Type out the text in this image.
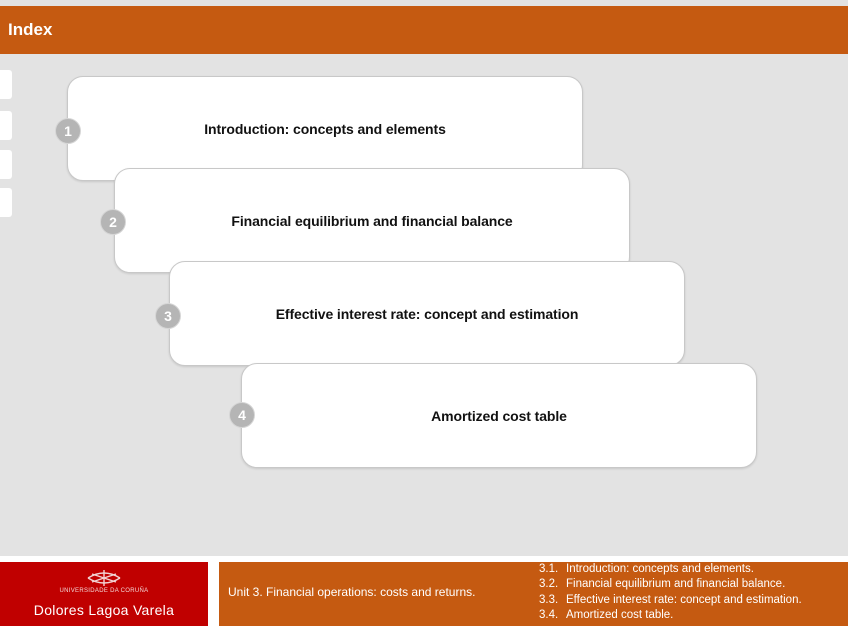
Index
Introduction: concepts and elements
1
Financial equilibrium and financial balance
2
Effective interest rate: concept and estimation
3
Amortized cost table
4
UNIVERSIDADE DA CORUÑA
Dolores Lagoa Varela
Unit 3. Financial operations: costs and returns.
3.1. Introduction: concepts and elements.
3.2. Financial equilibrium and financial balance.
3.3. Effective interest rate: concept and estimation.
3.4. Amortized cost table.
